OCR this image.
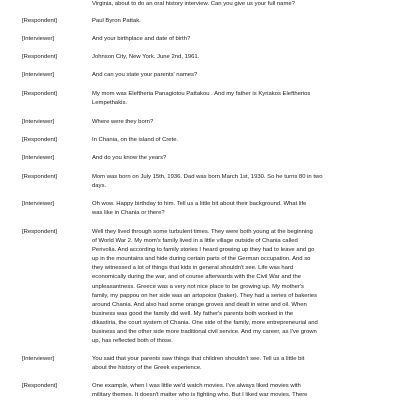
Virginia, about to do an oral history interview. Can you give us your full name?
[Respondent]	Paul Byron Pattak.
[Interviewer]	And your birthplace and date of birth?
[Respondent]	Johnson City, New York. June 2nd, 1961.
[Interviewer]	And can you state your parents' names?
[Respondent]	My mom was Eleftheria Panagiotou Pattakou . And my father is Kyriakos Eleftherios
Lempethakis.
[Interviewer]	Where were they born?
[Respondent]	In Chania, on the island of Crete.
[Interviewer]	And do you know the years?
[Respondent]	Mom was born on July 15th, 1936. Dad was born March 1st, 1930. So he turns 80 in two
days.
[Interviewer]	Oh wow. Happy birthday to him. Tell us a little bit about their background. What life
was like in Chania or there?
[Respondent]	Well they lived through some turbulent times. They were both young at the beginning
of World War 2. My mom's family lived in a little village outside of Chania called
Perivolia. And according to family stories I heard growing up they had to leave and go
up in the mountains and hide during certain parts of the German occupation. And so
they witnessed a lot of things that kids in general shouldn't see. Life was hard
economically during the war, and of course afterwards with the Civil War and the
unpleasantness. Greece was a very not nice place to be growing up. My mother's
family, my pappou on her side was an artopoios (baker). They had a series of bakeries
around Chania. And also had some orange groves and dealt in wine and oil. When
business was good the family did well. My father's parents both worked in the
dikastiria, the court system of Chania. One side of the family, more entrepreneurial and
business and the other side more traditional civil service. And my career, as I've grown
up, has reflected both of those.
[Interviewer]	You said that your parents saw things that children shouldn't see. Tell us a little bit
about the history of the Greek experience.
[Respondent]	One example, when I was little we'd watch movies. I've always liked movies with
military themes. It doesn't matter who is fighting who. But I liked war movies. There
